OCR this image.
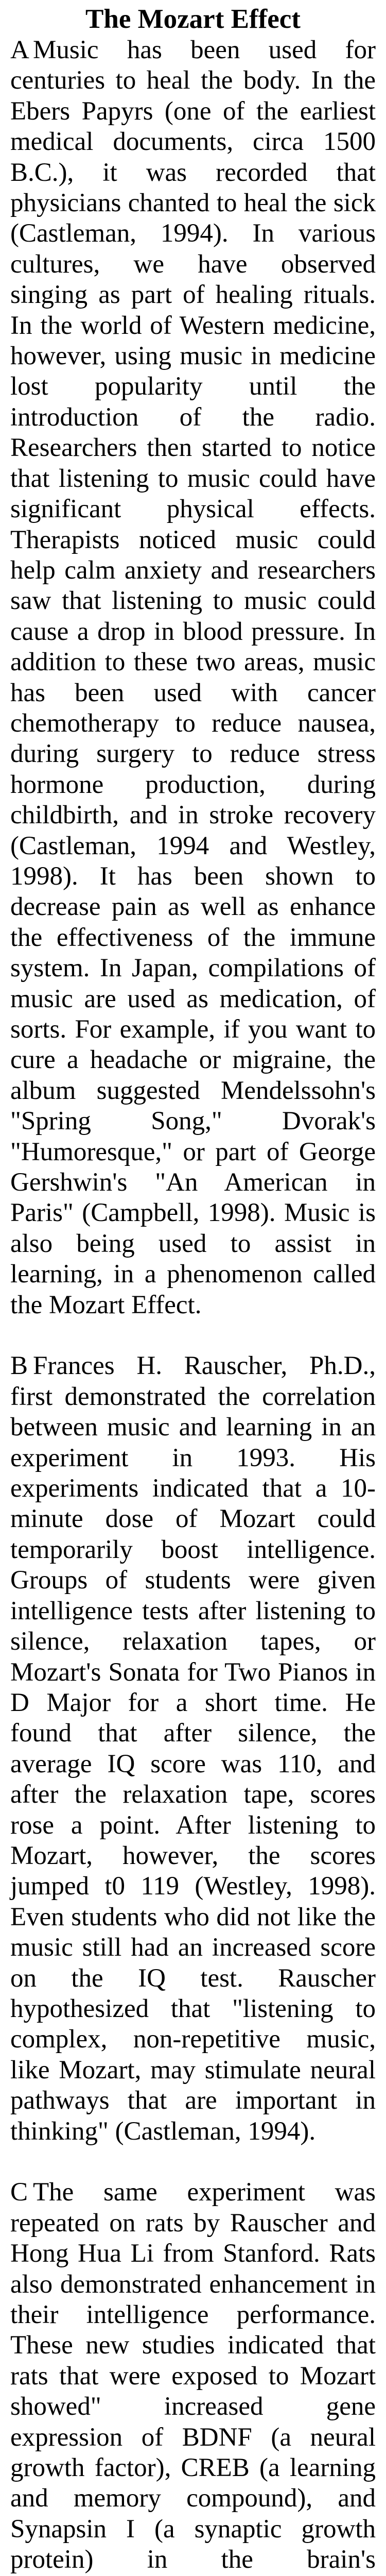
The Mozart Effect

A Music has been used for centuries to heal the body. In the Ebers Papyrs (one of the earliest medical documents, circa 1500 B.C.), it was recorded that physicians chanted to heal the sick (Castleman, 1994). In various cultures, we have observed singing as part of healing rituals. In the world of Western medicine, however, using music in medicine lost popularity until the introduction of the radio. Researchers then started to notice that listening to music could have significant physical effects. Therapists noticed music could help calm anxiety and researchers saw that listening to music could cause a drop in blood pressure. In addition to these two areas, music has been used with cancer chemotherapy to reduce nausea, during surgery to reduce stress hormone production, during childbirth, and in stroke recovery (Castleman, 1994 and Westley, 1998). It has been shown to decrease pain as well as enhance the effectiveness of the immune system. In Japan, compilations of music are used as medication, of sorts. For example, if you want to cure a headache or migraine, the album suggested Mendelssohn's "Spring Song," Dvorak's "Humoresque," or part of George Gershwin's "An American in Paris" (Campbell, 1998). Music is also being used to assist in learning, in a phenomenon called the Mozart Effect.

B Frances H. Rauscher, Ph.D., first demonstrated the correlation between music and learning in an experiment in 1993. His experiments indicated that a 10- minute dose of Mozart could temporarily boost intelligence. Groups of students were given intelligence tests after listening to silence, relaxation tapes, or Mozart's Sonata for Two Pianos in D Major for a short time. He found that after silence, the average IQ score was 110, and after the relaxation tape, scores rose a point. After listening to Mozart, however, the scores jumped t0 119 (Westley, 1998). Even students who did not like the music still had an increased score on the IQ test. Rauscher hypothesized that "listening to complex, non-repetitive music, like Mozart, may stimulate neural pathways that are important in thinking" (Castleman, 1994).

C The same experiment was repeated on rats by Rauscher and Hong Hua Li from Stanford. Rats also demonstrated enhancement in their intelligence performance. These new studies indicated that rats that were exposed to Mozart showed" increased gene expression of BDNF (a neural growth factor), CREB (a learning and memory compound), and Synapsin I (a synaptic growth protein) in the brain's
